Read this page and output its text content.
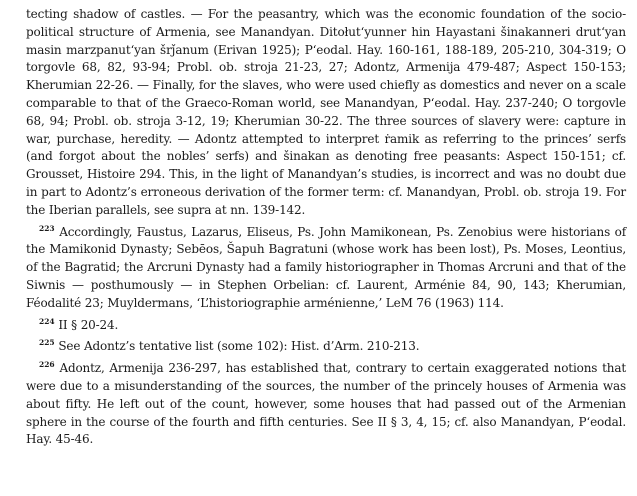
tecting shadow of castles. — For the peasantry, which was the economic foundation of the socio-political structure of Armenia, see Manandyan. Ditołut‘yunner hin Hayastani šinakanneri drut‘yan masin marzpanut‘yan šrǰanum (Erivan 1925); P‘eodal. Hay. 160-161, 188-189, 205-210, 304-319; O torgovle 68, 82, 93-94; Probl. ob. stroja 21-23, 27; Adontz, Armenija 479-487; Aspect 150-153; Kherumian 22-26. — Finally, for the slaves, who were used chiefly as domestics and never on a scale comparable to that of the Graeco-Roman world, see Manandyan, P‘eodal. Hay. 237-240; O torgovle 68, 94; Probl. ob. stroja 3-12, 19; Kherumian 30-22. The three sources of slavery were: capture in war, purchase, heredity. — Adontz attempted to interpret ṙamik as referring to the princes’ serfs (and forgot about the nobles’ serfs) and šinakan as denoting free peasants: Aspect 150-151; cf. Grousset, Histoire 294. This, in the light of Manandyan’s studies, is incorrect and was no doubt due in part to Adontz’s erroneous derivation of the former term: cf. Manandyan, Probl. ob. stroja 19. For the Iberian parallels, see supra at nn. 139-142.

$^{223}$ Accordingly, Faustus, Lazarus, Eliseus, Ps. John Mamikonean, Ps. Zenobius were historians of the Mamikonid Dynasty; Sebēos, Šapuh Bagratuni (whose work has been lost), Ps. Moses, Leontius, of the Bagratid; the Arcruni Dynasty had a family historiographer in Thomas Arcruni and that of the Siwnis — posthumously — in Stephen Orbelian: cf. Laurent, Arménie 84, 90, 143; Kherumian, Féodalité 23; Muyldermans, ‘L’historiographie arménienne,’ LeM 76 (1963) 114.

$^{224}$ II § 20-24.

$^{225}$ See Adontz’s tentative list (some 102): Hist. d’Arm. 210-213.

$^{226}$ Adontz, Armenija 236-297, has established that, contrary to certain exaggerated notions that were due to a misunderstanding of the sources, the number of the princely houses of Armenia was about fifty. He left out of the count, however, some houses that had passed out of the Armenian sphere in the course of the fourth and fifth centuries. See II § 3, 4, 15; cf. also Manandyan, P‘eodal. Hay. 45-46.
